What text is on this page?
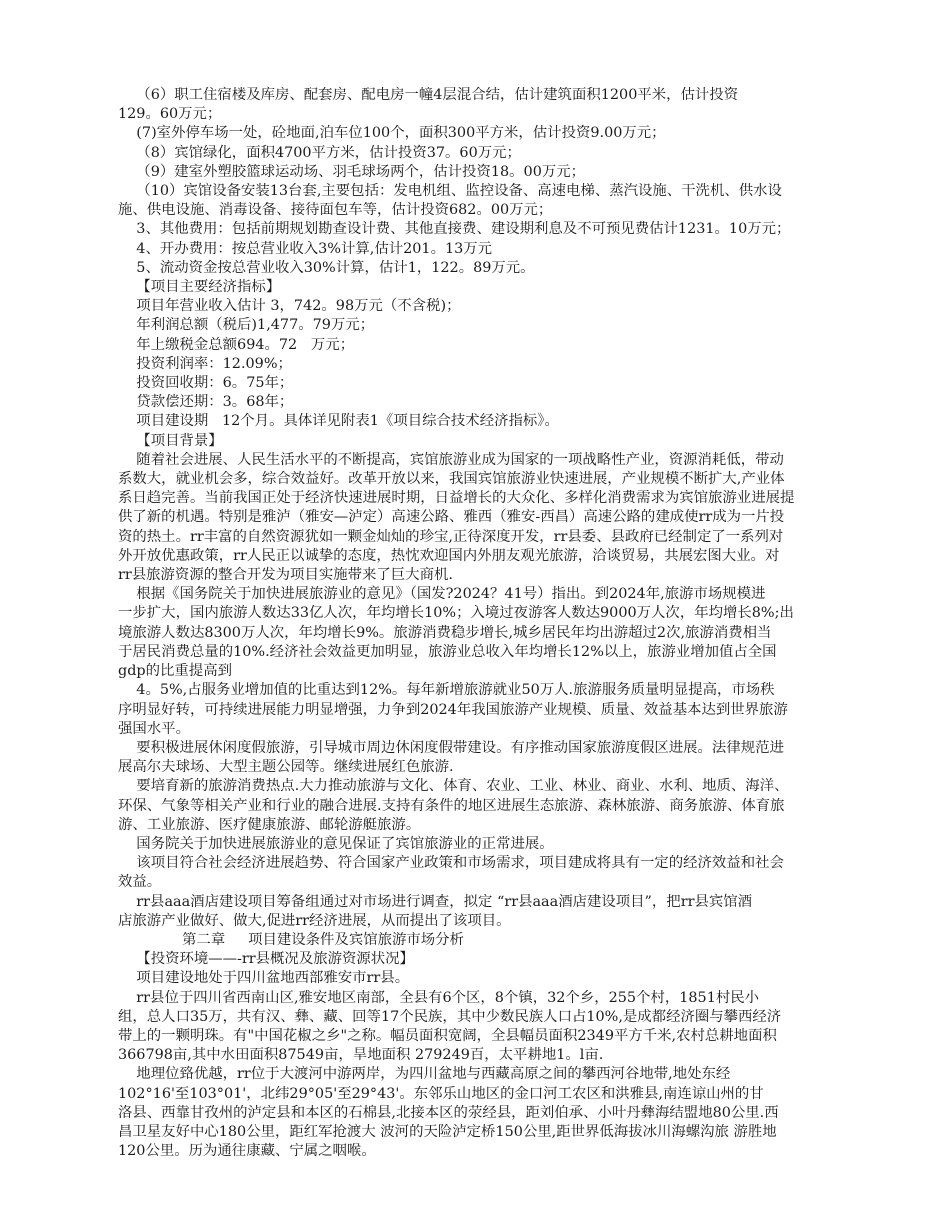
（6）职工住宿楼及库房、配套房、配电房一幢4层混合结，估计建筑面积1200平米，估计投资
129。60万元；
(7)室外停车场一处，砼地面,泊车位100个，面积300平方米，估计投资9.00万元；
（8）宾馆绿化，面积4700平方米，估计投资37。60万元；
（9）建室外塑胶篮球运动场、羽毛球场两个，估计投资18。00万元；
（10）宾馆设备安装13台套,主要包括：发电机组、监控设备、高速电梯、蒸汽设施、干洗机、供水设
施、供电设施、消毒设备、接待面包车等，估计投资682。00万元；
3、其他费用：包括前期规划勘查设计费、其他直接费、建设期利息及不可预见费估计1231。10万元；
4、开办费用：按总营业收入3%计算,估计201。13万元
5、流动资金按总营业收入30%计算，估计1，122。89万元。
【项目主要经济指标】
项目年营业收入估计 3，742。98万元（不含税)；
年利润总额（税后)1,477。79万元；
年上缴税金总额694。72   万元；
投资利润率：12.09%；
投资回收期：6。75年；
贷款偿还期：3。68年；
项目建设期   12个月。具体详见附表1《项目综合技术经济指标》。
【项目背景】
随着社会进展、人民生活水平的不断提高，宾馆旅游业成为国家的一项战略性产业，资源消耗低，带动
系数大，就业机会多，综合效益好。改革开放以来，我国宾馆旅游业快速进展，产业规模不断扩大,产业体
系日趋完善。当前我国正处于经济快速进展时期，日益增长的大众化、多样化消费需求为宾馆旅游业进展提
供了新的机遇。特别是雅泸（雅安—泸定）高速公路、雅西（雅安-西昌）高速公路的建成使rr成为一片投
资的热土。rr丰富的自然资源犹如一颗金灿灿的珍宝,正待深度开发，rr县委、县政府已经制定了一系列对
外开放优惠政策，rr人民正以诚挚的态度，热忱欢迎国内外朋友观光旅游，洽谈贸易，共展宏图大业。对
rr县旅游资源的整合开发为项目实施带来了巨大商机.
根据《国务院关于加快进展旅游业的意见》（国发?2024？41号）指出。到2024年,旅游市场规模进
一步扩大，国内旅游人数达33亿人次，年均增长10%；入境过夜游客人数达9000万人次，年均增长8%;出
境旅游人数达8300万人次，年均增长9%。旅游消费稳步增长,城乡居民年均出游超过2次,旅游消费相当
于居民消费总量的10%.经济社会效益更加明显，旅游业总收入年均增长12%以上，旅游业增加值占全国
gdp的比重提高到
4。5%,占服务业增加值的比重达到12%。每年新增旅游就业50万人.旅游服务质量明显提高，市场秩
序明显好转，可持续进展能力明显增强，力争到2024年我国旅游产业规模、质量、效益基本达到世界旅游
强国水平。
要积极进展休闲度假旅游，引导城市周边休闲度假带建设。有序推动国家旅游度假区进展。法律规范进
展高尔夫球场、大型主题公园等。继续进展红色旅游.
要培育新的旅游消费热点.大力推动旅游与文化、体育、农业、工业、林业、商业、水利、地质、海洋、
环保、气象等相关产业和行业的融合进展.支持有条件的地区进展生态旅游、森林旅游、商务旅游、体育旅
游、工业旅游、医疗健康旅游、邮轮游艇旅游。
国务院关于加快进展旅游业的意见保证了宾馆旅游业的正常进展。
该项目符合社会经济进展趋势、符合国家产业政策和市场需求，项目建成将具有一定的经济效益和社会
效益。
rr县aaa酒店建设项目筹备组通过对市场进行调查，拟定 “rr县aaa酒店建设项目”，把rr县宾馆酒
店旅游产业做好、做大,促进rr经济进展，从而提出了该项目。
第二章     项目建设条件及宾馆旅游市场分析
【投资环境——-rr县概况及旅游资源状况】
项目建设地处于四川盆地西部雅安市rr县。
rr县位于四川省西南山区,雅安地区南部，全县有6个区，8个镇，32个乡，255个村，1851村民小
组，总人口35万，共有汉、彝、藏、回等17个民族，其中少数民族人口占10%,是成都经济圈与攀西经济
带上的一颗明珠。有"中国花椒之乡"之称。幅员面积宽阔，全县幅员面积2349平方千米,农村总耕地面积
366798亩,其中水田面积87549亩，旱地面积 279249百，太平耕地1。l亩.
地理位臵优越，rr位于大渡河中游两岸，为四川盆地与西藏高原之间的攀西河谷地带,地处东经
102°16'至103°01'，北纬29°05'至29°43'。东邻乐山地区的金口河工农区和洪雅县,南连谅山州的甘
洛县、西靠甘孜州的泸定县和本区的石棉县,北接本区的荥经县，距刘伯承、小叶丹彝海结盟地80公里.西
昌卫星友好中心180公里，距红军抢渡大 波河的天险泸定桥150公里,距世界低海拔冰川海螺沟旅 游胜地
120公里。历为通往康藏、宁属之咽喉。
